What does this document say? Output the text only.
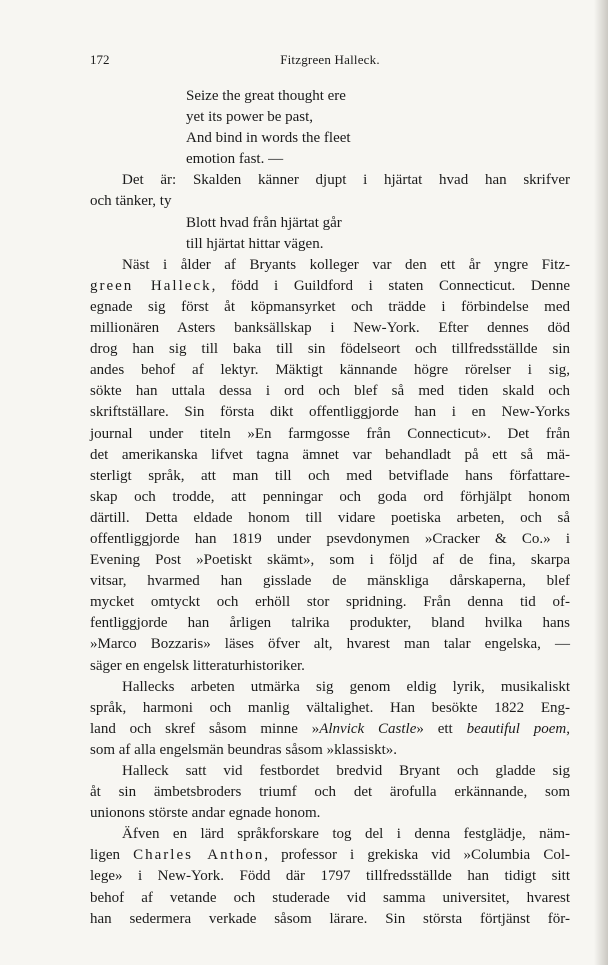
172	Fitzgreen Halleck.
Seize the great thought ere
yet its power be past,
And bind in words the fleet
emotion fast. —
Det är: Skalden känner djupt i hjärtat hvad han skrifver
och tänker, ty
Blott hvad från hjärtat går
till hjärtat hittar vägen.
Näst i ålder af Bryants kolleger var den ett år yngre Fitz-
green Halleck, född i Guildford i staten Connecticut. Denne
egnade sig först åt köpmansyrket och trädde i förbindelse med
millionären Asters banksällskap i New-York. Efter dennes död
drog han sig till baka till sin födelseort och tillfredsställde sin
andes behof af lektyr. Mäktigt kännande högre rörelser i sig,
sökte han uttala dessa i ord och blef så med tiden skald och
skriftställare. Sin första dikt offentliggjorde han i en New-Yorks
journal under titeln »En farmgosse från Connecticut». Det från
det amerikanska lifvet tagna ämnet var behandladt på ett så mä-
sterligt språk, att man till och med betviflade hans författare-
skap och trodde, att penningar och goda ord förhjälpt honom
därtill. Detta eldade honom till vidare poetiska arbeten, och så
offentliggjorde han 1819 under psevdonymen »Cracker & Co.» i
Evening Post »Poetiskt skämt», som i följd af de fina, skarpa
vitsar, hvarmed han gisslade de mänskliga dårskaperna, blef
mycket omtyckt och erhöll stor spridning. Från denna tid of-
fentliggjorde han årligen talrika produkter, bland hvilka hans
»Marco Bozzaris» läses öfver alt, hvarest man talar engelska, —
säger en engelsk litteraturhistoriker.
Hallecks arbeten utmärka sig genom eldig lyrik, musikaliskt
språk, harmoni och manlig vältalighet. Han besökte 1822 Eng-
land och skref såsom minne »Alnvick Castle» ett beautiful poem,
som af alla engelsmän beundras såsom »klassiskt».
Halleck satt vid festbordet bredvid Bryant och gladde sig
åt sin ämbetsbroders triumf och det ärofulla erkännande, som
unionons störste andar egnade honom.
Äfven en lärd språkforskare tog del i denna festglädje, näm-
ligen Charles Anthon, professor i grekiska vid »Columbia Col-
lege» i New-York. Född där 1797 tillfredsställde han tidigt sitt
behof af vetande och studerade vid samma universitet, hvarest
han sedermera verkade såsom lärare. Sin största förtjänst för-
